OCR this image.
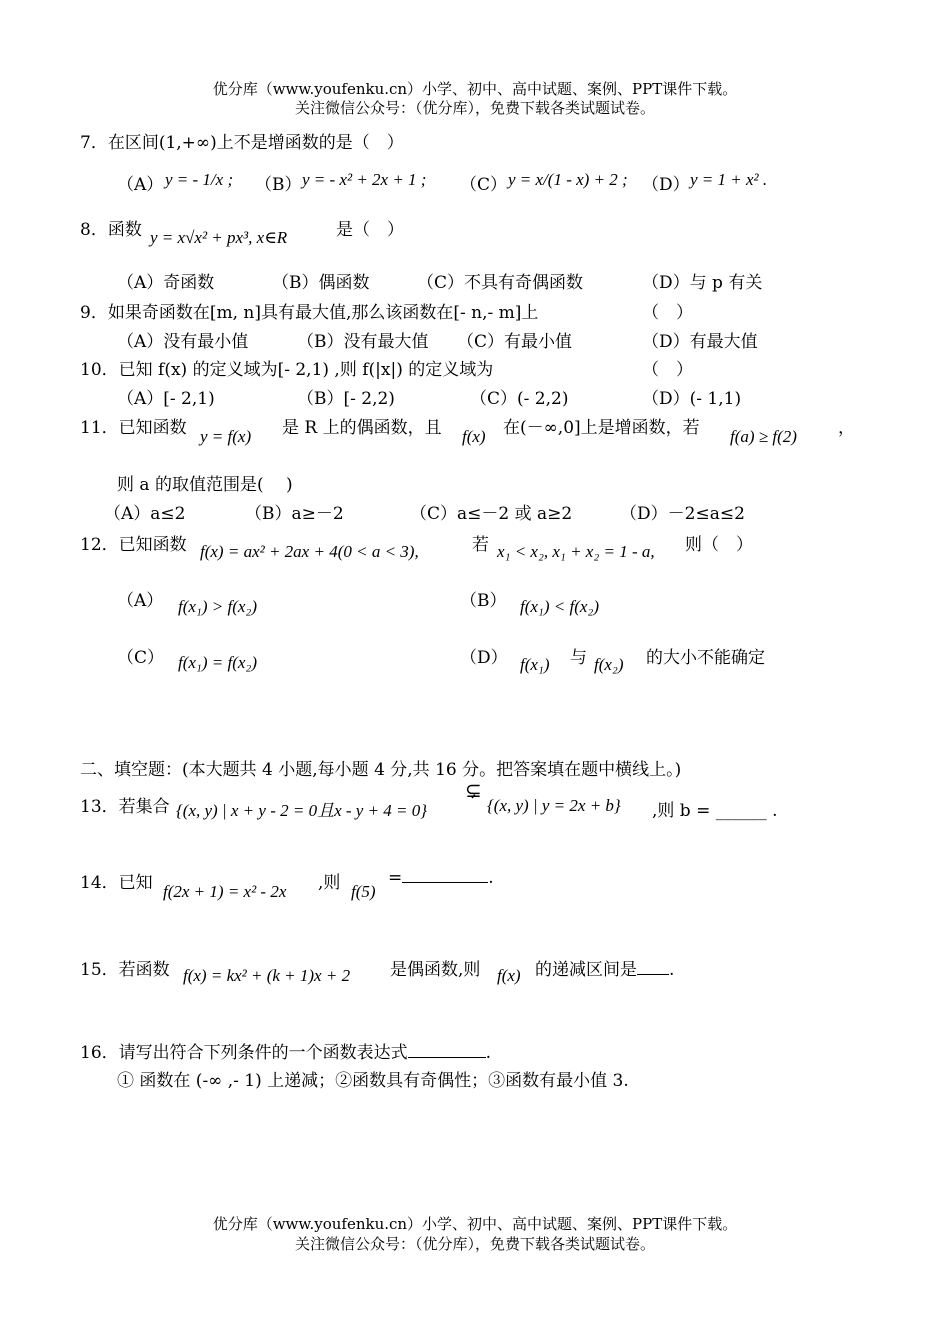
优分库（www.youfenku.cn）小学、初中、高中试题、案例、PPT课件下载。
关注微信公众号：（优分库），免费下载各类试题试卷。
7．在区间(1,+∞)上不是增函数的是（　）
（A） y = - 1/x ; （B） y = - x² + 2x + 1 ; （C） y = x/(1 - x) + 2 ; （D） y = 1 + x² .
8．函数 y = x√x² + px³, x∈R	是（　）
（A）奇函数	（B）偶函数	（C）不具有奇偶函数	（D）与 p 有关
9．如果奇函数在[m, n]具有最大值,那么该函数在[- n,- m]上	（　）
（A）没有最小值	（B）没有最大值 （C）有最小值	（D）有最大值
10．已知 f(x) 的定义域为[- 2,1) ,则 f(|x|) 的定义域为	（　）
（A）[- 2,1)	（B）[- 2,2)	（C）(- 2,2)	（D）(- 1,1)
11．已知函数 y = f(x) 是 R 上的偶函数，且 f(x) 在(－∞,0]上是增函数，若 f(a) ≥ f(2) ，
则 a 的取值范围是(　 )
（A）a≤2	（B）a≥－2	（C）a≤－2 或 a≥2	（D）－2≤a≤2
12．已知函数 f(x) = ax² + 2ax + 4(0 < a < 3),	若 x₁ < x₂, x₁ + x₂ = 1 - a, 则（　）
（A） f(x₁) > f(x₂)	（B） f(x₁) < f(x₂)
（C） f(x₁) = f(x₂)	（D） f(x₁) 与 f(x₂) 的大小不能确定
二、填空题：(本大题共 4 小题,每小题 4 分,共 16 分。把答案填在题中横线上。)
13．若集合 {(x, y) | x + y - 2 = 0且x - y + 4 = 0}
⊊
{(x, y) | y = 2x + b} ,则 b = ______ .
14．已知 f(2x + 1) = x² - 2x ,则 f(5)
=	.
15．若函数 f(x) = kx² + (k + 1)x + 2 是偶函数,则 f(x) 的递减区间是 .
16．请写出符合下列条件的一个函数表达式	.
① 函数在 (-∞ ,- 1) 上递减；②函数具有奇偶性；③函数有最小值 3.
优分库（www.youfenku.cn）小学、初中、高中试题、案例、PPT课件下载。
关注微信公众号：（优分库），免费下载各类试题试卷。
